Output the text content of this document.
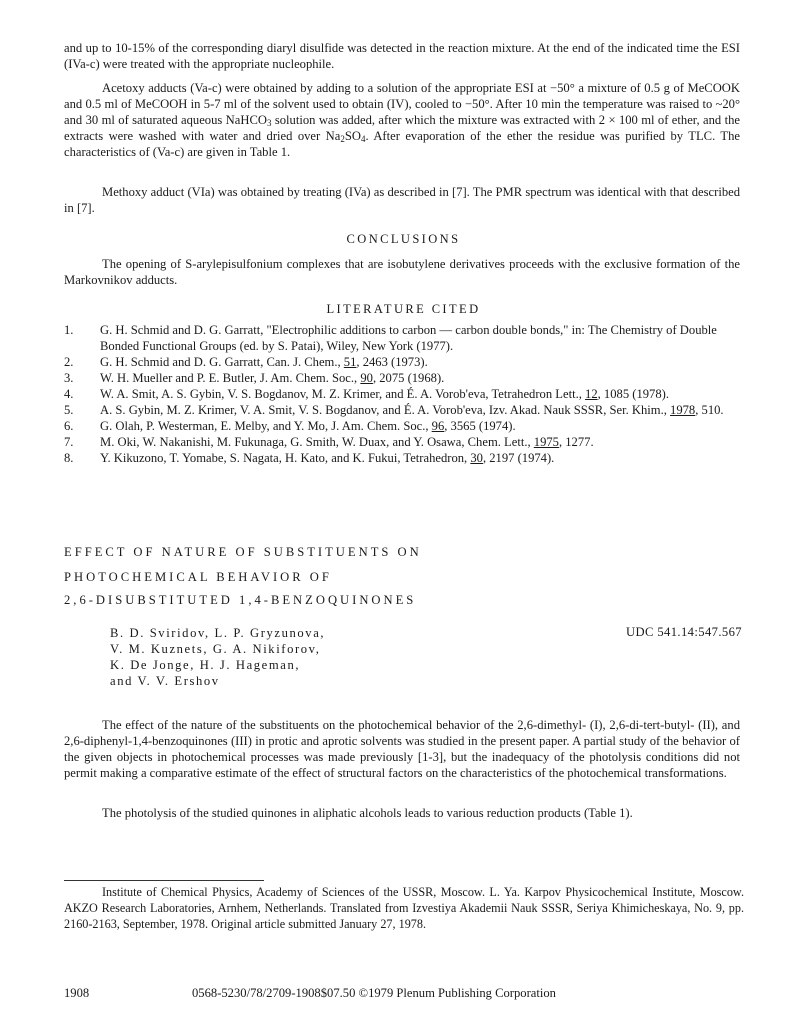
and up to 10-15% of the corresponding diaryl disulfide was detected in the reaction mixture. At the end of the indicated time the ESI (IVa-c) were treated with the appropriate nucleophile.

Acetoxy adducts (Va-c) were obtained by adding to a solution of the appropriate ESI at −50° a mixture of 0.5 g of MeCOOK and 0.5 ml of MeCOOH in 5-7 ml of the solvent used to obtain (IV), cooled to −50°. After 10 min the temperature was raised to ~20° and 30 ml of saturated aqueous NaHCO$_3$ solution was added, after which the mixture was extracted with 2 × 100 ml of ether, and the extracts were washed with water and dried over $Na_2SO_4$. After evaporation of the ether the residue was purified by TLC. The characteristics of (Va-c) are given in Table 1.

Methoxy adduct (VIa) was obtained by treating (IVa) as described in [7]. The PMR spectrum was identical with that described in [7].

CONCLUSIONS

The opening of S-arylepisulfonium complexes that are isobutylene derivatives proceeds with the exclusive formation of the Markovnikov adducts.

LITERATURE CITED
1.	G. H. Schmid and D. G. Garratt, "Electrophilic additions to carbon — carbon double bonds," in: The Chemistry of Double Bonded Functional Groups (ed. by S. Patai), Wiley, New York (1977).
2.	G. H. Schmid and D. G. Garratt, Can. J. Chem., 51, 2463 (1973).
3.	W. H. Mueller and P. E. Butler, J. Am. Chem. Soc., 90, 2075 (1968).
4.	W. A. Smit, A. S. Gybin, V. S. Bogdanov, M. Z. Krimer, and É. A. Vorob'eva, Tetrahedron Lett., 12, 1085 (1978).
5.	A. S. Gybin, M. Z. Krimer, V. A. Smit, V. S. Bogdanov, and É. A. Vorob'eva, Izv. Akad. Nauk SSSR, Ser. Khim., 1978, 510.
6.	G. Olah, P. Westerman, E. Melby, and Y. Mo, J. Am. Chem. Soc., 96, 3565 (1974).
7.	M. Oki, W. Nakanishi, M. Fukunaga, G. Smith, W. Duax, and Y. Osawa, Chem. Lett., 1975, 1277.
8.	Y. Kikuzono, T. Yomabe, S. Nagata, H. Kato, and K. Fukui, Tetrahedron, 30, 2197 (1974).
EFFECT OF NATURE OF SUBSTITUENTS ON
PHOTOCHEMICAL BEHAVIOR OF
2,6-DISUBSTITUTED 1,4-BENZOQUINONES
B. D. Sviridov, L. P. Gryzunova,
V. M. Kuznets, G. A. Nikiforov,
K. De Jonge, H. J. Hageman,
and V. V. Ershov
UDC 541.14:547.567

The effect of the nature of the substituents on the photochemical behavior of the 2,6-dimethyl- (I), 2,6-di-tert-butyl- (II), and 2,6-diphenyl-1,4-benzoquinones (III) in protic and aprotic solvents was studied in the present paper. A partial study of the behavior of the given objects in photochemical processes was made previously [1-3], but the inadequacy of the photolysis conditions did not permit making a comparative estimate of the effect of structural factors on the characteristics of the photochemical transformations.

The photolysis of the studied quinones in aliphatic alcohols leads to various reduction products (Table 1).

Institute of Chemical Physics, Academy of Sciences of the USSR, Moscow. L. Ya. Karpov Physicochemical Institute, Moscow. AKZO Research Laboratories, Arnhem, Netherlands. Translated from Izvestiya Akademii Nauk SSSR, Seriya Khimicheskaya, No. 9, pp. 2160-2163, September, 1978. Original article submitted January 27, 1978.

1908	0568-5230/78/2709-1908$07.50 ©1979 Plenum Publishing Corporation
